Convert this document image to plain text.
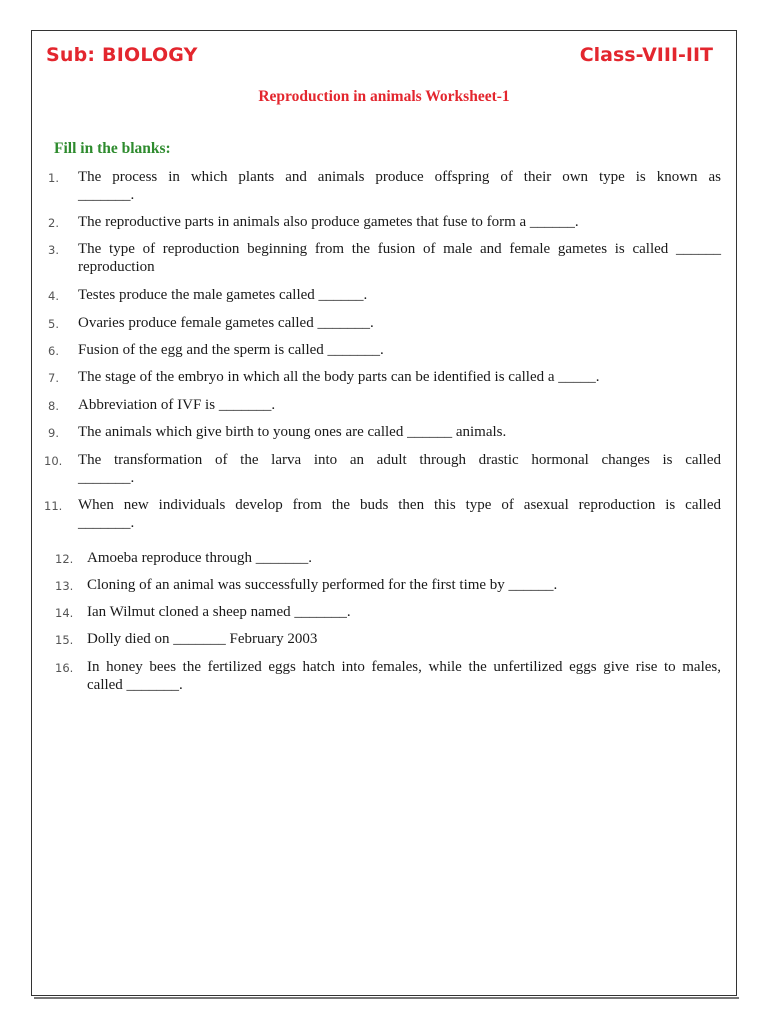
Sub: BIOLOGY	Class-VIII-IIT
Reproduction in animals Worksheet-1
Fill in the blanks:
1.	The process in which plants and animals produce offspring of their own type is known as
_______.
2.	The reproductive parts in animals also produce gametes that fuse to form a ______.
3.	The type of reproduction beginning from the fusion of male and female gametes is called ______
reproduction
4.	Testes produce the male gametes called ______.
5.	Ovaries produce female gametes called _______.
6.	Fusion of the egg and the sperm is called _______.
7.	The stage of the embryo in which all the body parts can be identified is called a _____.
8.	Abbreviation of IVF is _______.
9.	The animals which give birth to young ones are called ______ animals.
10. The transformation of the larva into an adult through drastic hormonal changes is called
_______.
11. When new individuals develop from the buds then this type of asexual reproduction is called
_______.
12. Amoeba reproduce through _______.
13. Cloning of an animal was successfully performed for the first time by ______.
14. Ian Wilmut cloned a sheep named _______.
15. Dolly died on _______ February 2003
16. In honey bees the fertilized eggs hatch into females, while the unfertilized eggs give rise to males,
called _______.
